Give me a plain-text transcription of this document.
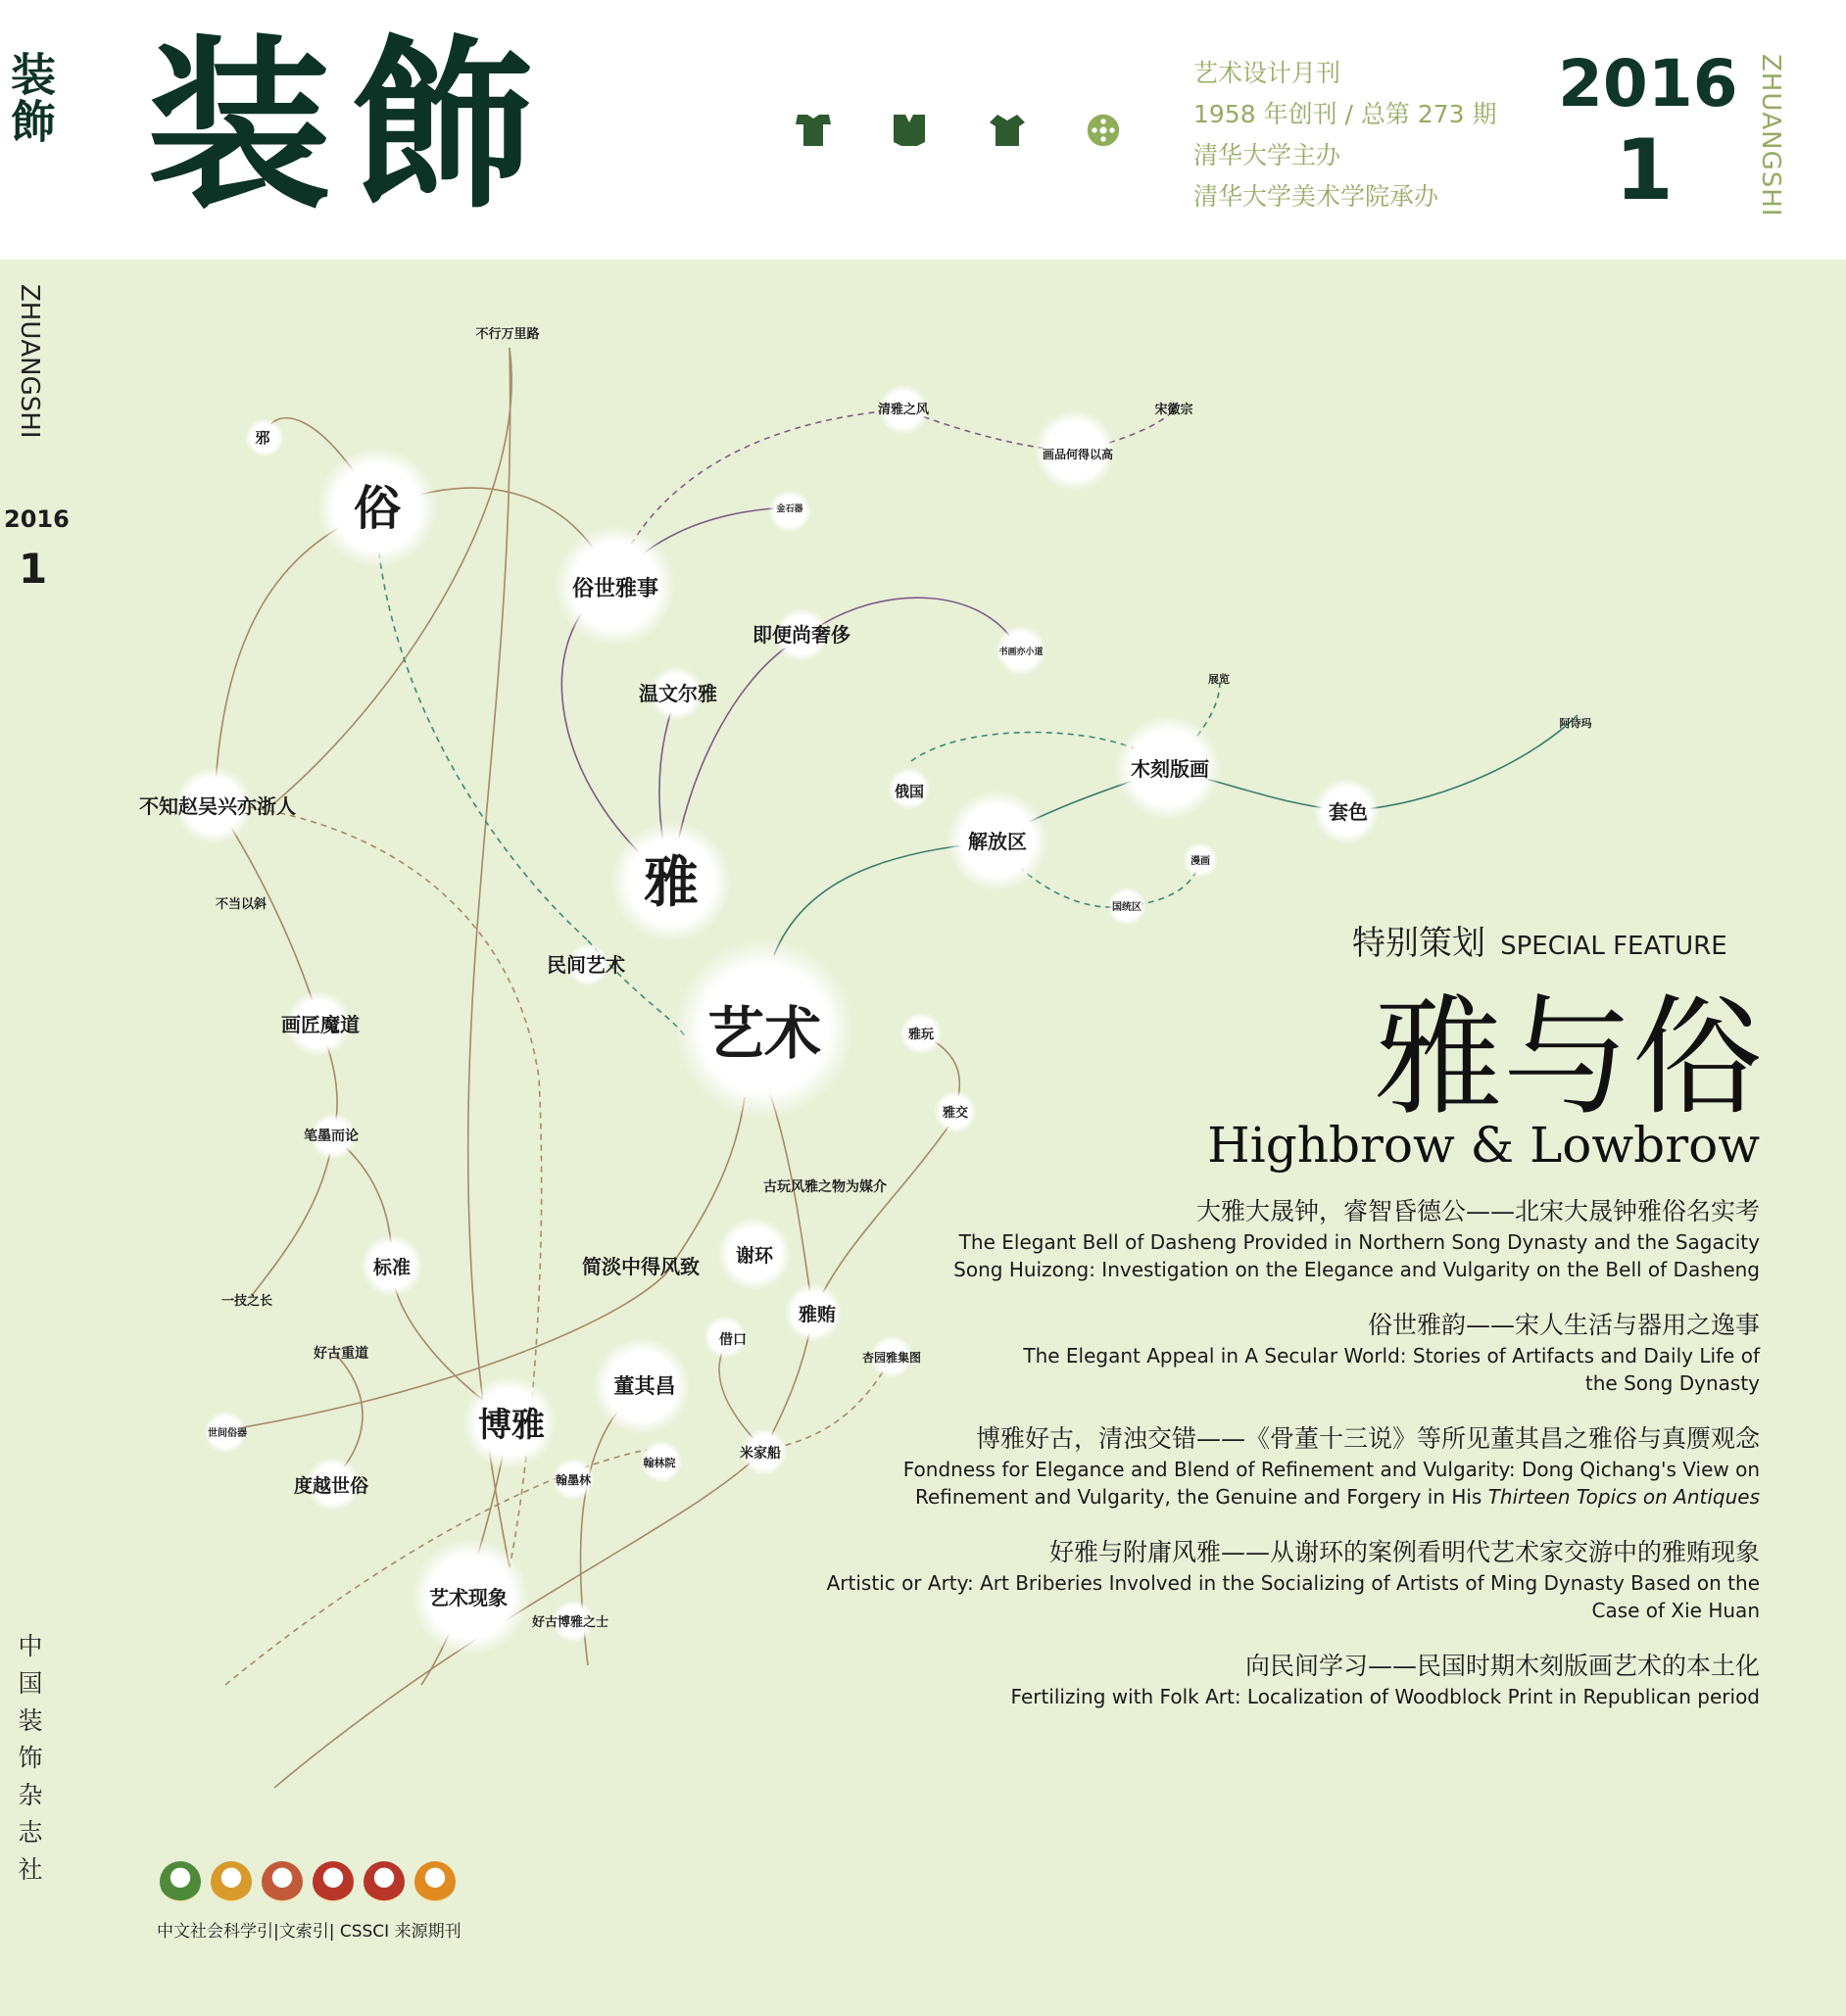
装飾 装飾	艺术设计月刊
1958 年创刊 / 总第 273 期
清华大学主办
清华大学美术学院承办
2016
1	ZHUANGSHI
ZHUANGSHI
2016
1
中国装饰杂志社
俗
雅
艺术
俗世雅事
不行万里路
邪
清雅之风	宋徽宗
画品何得以高
金石器
即便尚奢侈
书画亦小道
温文尔雅
不知赵吴兴亦浙人
不当以斜
画匠魔道
笔墨而论
标准
一技之长
好古重道
世间俗器
度越世俗
博雅
民间艺术
简淡中得风致 谢环
古玩风雅之物为媒介
雅玩
雅交
雅贿
借口
杏园雅集图
董其昌
翰墨林
翰林院
米家船
艺术现象
好古博雅之士
俄国
解放区
木刻版画
展览
套色
阿诗玛
漫画
国统区
特别策划 SPECIAL FEATURE
雅与俗
Highbrow & Lowbrow
大雅大晟钟，睿智昏德公——北宋大晟钟雅俗名实考
The Elegant Bell of Dasheng Provided in Northern Song Dynasty and the Sagacity
Song Huizong: Investigation on the Elegance and Vulgarity on the Bell of Dasheng
俗世雅韵——宋人生活与器用之逸事
The Elegant Appeal in A Secular World: Stories of Artifacts and Daily Life of
the Song Dynasty
博雅好古，清浊交错——《骨董十三说》等所见董其昌之雅俗与真赝观念
Fondness for Elegance and Blend of Refinement and Vulgarity: Dong Qichang's View on
Refinement and Vulgarity, the Genuine and Forgery in His Thirteen Topics on Antiques
好雅与附庸风雅——从谢环的案例看明代艺术家交游中的雅贿现象
Artistic or Arty: Art Briberies Involved in the Socializing of Artists of Ming Dynasty Based on the
Case of Xie Huan
向民间学习——民国时期木刻版画艺术的本土化
Fertilizing with Folk Art: Localization of Woodblock Print in Republican period
中文社会科学引|文索引| CSSCI 来源期刊
